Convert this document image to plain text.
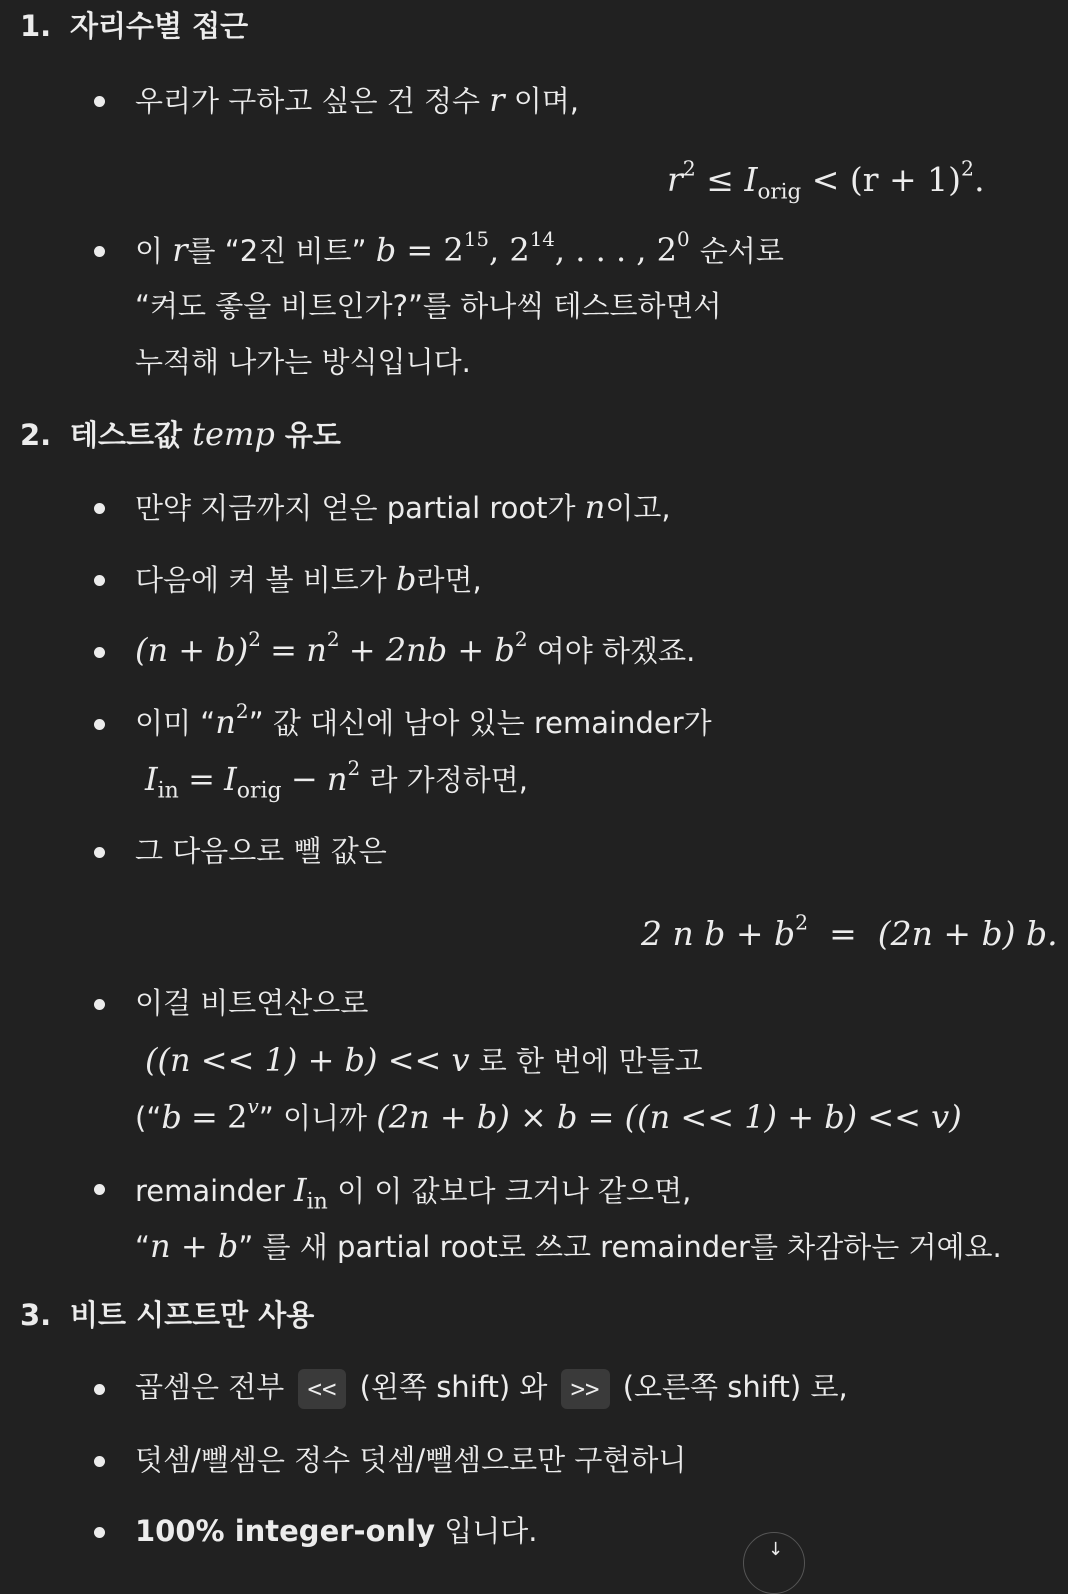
1. 자리수별 접근
우리가 구하고 싶은 건 정수 r 이며,
$r^2 \le I_{orig} < (r + 1)^2$.
이 r를 “2진 비트” $b = 2^{15}$, $2^{14}$, . . . , $2^0$ 순서로
“켜도 좋을 비트인가?”를 하나씩 테스트하면서
누적해 나가는 방식입니다.
2. 테스트값 temp 유도
만약 지금까지 얻은 partial root가 n이고,
다음에 켜 볼 비트가 b라면,
$(n + b)^2 = n^2 + 2nb + b^2$ 여야 하겠죠.
이미 “$n^2$” 값 대신에 남아 있는 remainder가
$I_{in} = I_{orig} - n^2$ 라 가정하면,
그 다음으로 뺄 값은
2 n $b + b^2 = (2n + b)$ b.
이걸 비트연산으로
((n << 1) + b) << v 로 한 번에 만들고
(“b = $2^v$” 이니까 (2n + b) × b = ((n << 1) + b) << v)
remainder $I_{in}$ 이 이 값보다 크거나 같으면,
“n + b” 를 새 partial root로 쓰고 remainder를 차감하는 거예요.
3. 비트 시프트만 사용
곱셈은 전부 << (왼쪽 shift) 와 >> (오른쪽 shift) 로,
덧셈/뺄셈은 정수 덧셈/뺄셈으로만 구현하니
100% integer-only 입니다.
↓
